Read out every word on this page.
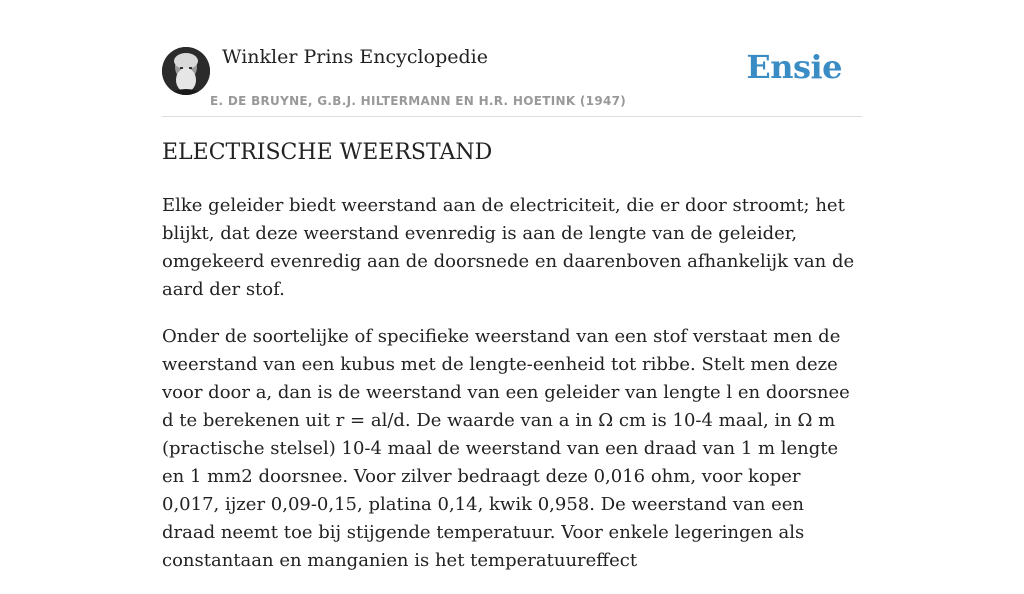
Winkler Prins Encyclopedie
E. DE BRUYNE, G.B.J. HILTERMANN EN H.R. HOETINK (1947)
Ensie
ELECTRISCHE WEERSTAND

Elke geleider biedt weerstand aan de electriciteit, die er door stroomt; het blijkt, dat deze weerstand evenredig is aan de lengte van de geleider, omgekeerd evenredig aan de doorsnede en daarenboven afhankelijk van de aard der stof.

Onder de soortelijke of specifieke weerstand van een stof verstaat men de weerstand van een kubus met de lengte-eenheid tot ribbe. Stelt men deze voor door a, dan is de weerstand van een geleider van lengte l en doorsnee d te berekenen uit r = al/d. De waarde van a in Ω cm is 10-4 maal, in Ω m (practische stelsel) 10-4 maal de weerstand van een draad van 1 m lengte en 1 mm2 doorsnee. Voor zilver bedraagt deze 0,016 ohm, voor koper 0,017, ijzer 0,09-0,15, platina 0,14, kwik 0,958. De weerstand van een draad neemt toe bij stijgende temperatuur. Voor enkele legeringen als constantaan en manganien is het temperatuureffect
